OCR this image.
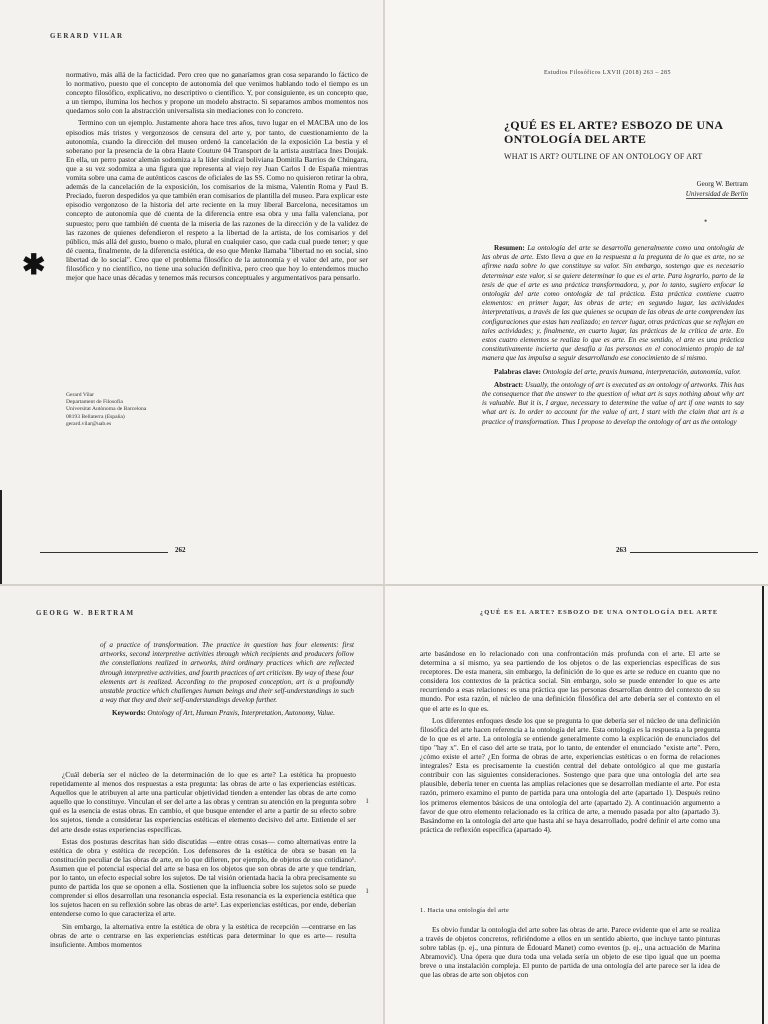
GERARD VILAR

normativo, más allá de la facticidad. Pero creo que no ganaríamos gran cosa separando lo fáctico de lo normativo, puesto que el concepto de autonomía del que venimos hablando todo el tiempo es un concepto filosófico, explicativo, no descriptivo o científico. Y, por consiguiente, es un concepto que, a un tiempo, ilumina los hechos y propone un modelo abstracto. Si separamos ambos momentos nos quedamos solo con la abstracción universalista sin mediaciones con lo concreto.

Termino con un ejemplo. Justamente ahora hace tres años, tuvo lugar en el MACBA uno de los episodios más tristes y vergonzosos de censura del arte y, por tanto, de cuestionamiento de la autonomía, cuando la dirección del museo ordenó la cancelación de la exposición La bestia y el soberano por la presencia de la obra Haute Couture 04 Transport de la artista austríaca Ines Doujak. En ella, un perro pastor alemán sodomiza a la líder sindical boliviana Domitila Barrios de Chúngara, que a su vez sodomiza a una figura que representa al viejo rey Juan Carlos I de España mientras vomita sobre una cama de auténticos cascos de oficiales de las SS. Como no quisieron retirar la obra, además de la cancelación de la exposición, los comisarios de la misma, Valentín Roma y Paul B. Preciado, fueron despedidos ya que también eran comisarios de plantilla del museo. Para explicar este episodio vergonzoso de la historia del arte reciente en la muy liberal Barcelona, necesitamos un concepto de autonomía que dé cuenta de la diferencia entre esa obra y una falla valenciana, por supuesto; pero que también dé cuenta de la miseria de las razones de la dirección y de la validez de las razones de quienes defendieron el respeto a la libertad de la artista, de los comisarios y del público, más allá del gusto, bueno o malo, plural en cualquier caso, que cada cual puede tener; y que dé cuenta, finalmente, de la diferencia estética, de eso que Menke llamaba "libertad no en social, sino libertad de lo social". Creo que el problema filosófico de la autonomía y el valor del arte, por ser filosófico y no científico, no tiene una solución definitiva, pero creo que hoy lo entendemos mucho mejor que hace unas décadas y tenemos más recursos conceptuales y argumentativos para pensarlo.

✱
Gerard Vilar
Departament de Filosofia
Universitat Autònoma de Barcelona
08193 Bellaterra (España)
gerard.vilar@uab.es
262
Estudios Filosóficos LXVII (2018) 263 – 285
¿QUÉ ES EL ARTE? ESBOZO DE UNA ONTOLOGÍA DEL ARTE
WHAT IS ART? OUTLINE OF AN ONTOLOGY OF ART
Georg W. Bertram
Universidad de Berlín

Resumen: La ontología del arte se desarrolla generalmente como una ontología de las obras de arte. Esto lleva a que en la respuesta a la pregunta de lo que es arte, no se afirme nada sobre lo que constituye su valor. Sin embargo, sostengo que es necesario determinar este valor, si se quiere determinar lo que es el arte. Para lograrlo, parto de la tesis de que el arte es una práctica transformadora, y, por lo tanto, sugiero enfocar la ontología del arte como ontología de tal práctica. Esta práctica contiene cuatro elementos: en primer lugar, las obras de arte; en segundo lugar, las actividades interpretativas, a través de las que quienes se ocupan de las obras de arte comprenden las configuraciones que estas han realizado; en tercer lugar, otras prácticas que se reflejan en tales actividades; y, finalmente, en cuarto lugar, las prácticas de la crítica de arte. En estos cuatro elementos se realiza lo que es arte. En ese sentido, el arte es una práctica constitutivamente incierta que desafía a las personas en el conocimiento propio de tal manera que las impulsa a seguir desarrollando ese conocimiento de sí mismo.

Palabras clave: Ontología del arte, praxis humana, interpretación, autonomía, valor.

Abstract: Usually, the ontology of art is executed as an ontology of artworks. This has the consequence that the answer to the question of what art is says nothing about why art is valuable. But it is, I argue, necessary to determine the value of art if one wants to say what art is. In order to account for the value of art, I start with the claim that art is a practice of transformation. Thus I propose to develop the ontology of art as the ontology

263
•
GEORG W. BERTRAM

of a practice of transformation. The practice in question has four elements: first artworks, second interpretive activities through which recipients and producers follow the constellations realized in artworks, third ordinary practices which are reflected through interpretive activities, and fourth practices of art criticism. By way of these four elements art is realized. According to the proposed conception, art is a profoundly unstable practice which challenges human beings and their self-understandings in such a way that they and their self-understandings develop further.

Keywords: Ontology of Art, Human Praxis, Interpretation, Autonomy, Value.

¿Cuál debería ser el núcleo de la determinación de lo que es arte? La estética ha propuesto repetidamente al menos dos respuestas a esta pregunta: las obras de arte o las experiencias estéticas. Aquellos que le atribuyen al arte una particular objetividad tienden a entender las obras de arte como aquello que lo constituye. Vinculan el ser del arte a las obras y centran su atención en la pregunta sobre qué es la esencia de estas obras. En cambio, el que busque entender el arte a partir de su efecto sobre los sujetos, tiende a considerar las experiencias estéticas el elemento decisivo del arte. Entiende el ser del arte desde estas experiencias específicas.

Estas dos posturas descritas han sido discutidas —entre otras cosas— como alternativas entre la estética de obra y estética de recepción. Los defensores de la estética de obra se basan en la constitución peculiar de las obras de arte, en lo que difieren, por ejemplo, de objetos de uso cotidiano¹. Asumen que el potencial especial del arte se basa en los objetos que son obras de arte y que tendrían, por lo tanto, un efecto especial sobre los sujetos. De tal visión orientada hacia la obra precisamente su punto de partida los que se oponen a ella. Sostienen que la influencia sobre los sujetos solo se puede comprender si ellos desarrollan una resonancia especial. Esta resonancia es la experiencia estética que los sujetos hacen en su reflexión sobre las obras de arte². Las experiencias estéticas, por ende, deberían entenderse como lo que caracteriza el arte.

Sin embargo, la alternativa entre la estética de obra y la estética de recepción —centrarse en las obras de arte o centrarse en las experiencias estéticas para determinar lo que es arte— resulta insuficiente. Ambos momentos

ı
ı
¿QUÉ ES EL ARTE? ESBOZO DE UNA ONTOLOGÍA DEL ARTE

arte basándose en lo relacionado con una confrontación más profunda con el arte. El arte se determina a sí mismo, ya sea partiendo de los objetos o de las experiencias específicas de sus receptores. De esta manera, sin embargo, la definición de lo que es arte se reduce en cuanto que no considera los contextos de la práctica social. Sin embargo, solo se puede entender lo que es arte recurriendo a esas relaciones: es una práctica que las personas desarrollan dentro del contexto de su mundo. Por esta razón, el núcleo de una definición filosófica del arte debería ser el contexto en el que el arte es lo que es.

Los diferentes enfoques desde los que se pregunta lo que debería ser el núcleo de una definición filosófica del arte hacen referencia a la ontología del arte. Esta ontología es la respuesta a la pregunta de lo que es el arte. La ontología se entiende generalmente como la explicación de enunciados del tipo "hay x". En el caso del arte se trata, por lo tanto, de entender el enunciado "existe arte". Pero, ¿cómo existe el arte? ¿En forma de obras de arte, experiencias estéticas o en forma de relaciones integrales? Esta es precisamente la cuestión central del debate ontológico al que me gustaría contribuir con las siguientes consideraciones. Sostengo que para que una ontología del arte sea plausible, debería tener en cuenta las amplias relaciones que se desarrollan mediante el arte. Por esta razón, primero examino el punto de partida para una ontología del arte (apartado 1). Después reúno los primeros elementos básicos de una ontología del arte (apartado 2). A continuación argumento a favor de que otro elemento relacionado es la crítica de arte, a menudo pasada por alto (apartado 3). Basándome en la ontología del arte que hasta ahí se haya desarrollado, podré definir el arte como una práctica de reflexión específica (apartado 4).

1. Hacia una ontología del arte

Es obvio fundar la ontología del arte sobre las obras de arte. Parece evidente que el arte se realiza a través de objetos concretos, refiriéndome a ellos en un sentido abierto, que incluye tanto pinturas sobre tablas (p. ej., una pintura de Édouard Manet) como eventos (p. ej., una actuación de Marina Abramović). Una ópera que dura toda una velada sería un objeto de ese tipo igual que un poema breve o una instalación compleja. El punto de partida de una ontología del arte parece ser la idea de que las obras de arte son objetos con
